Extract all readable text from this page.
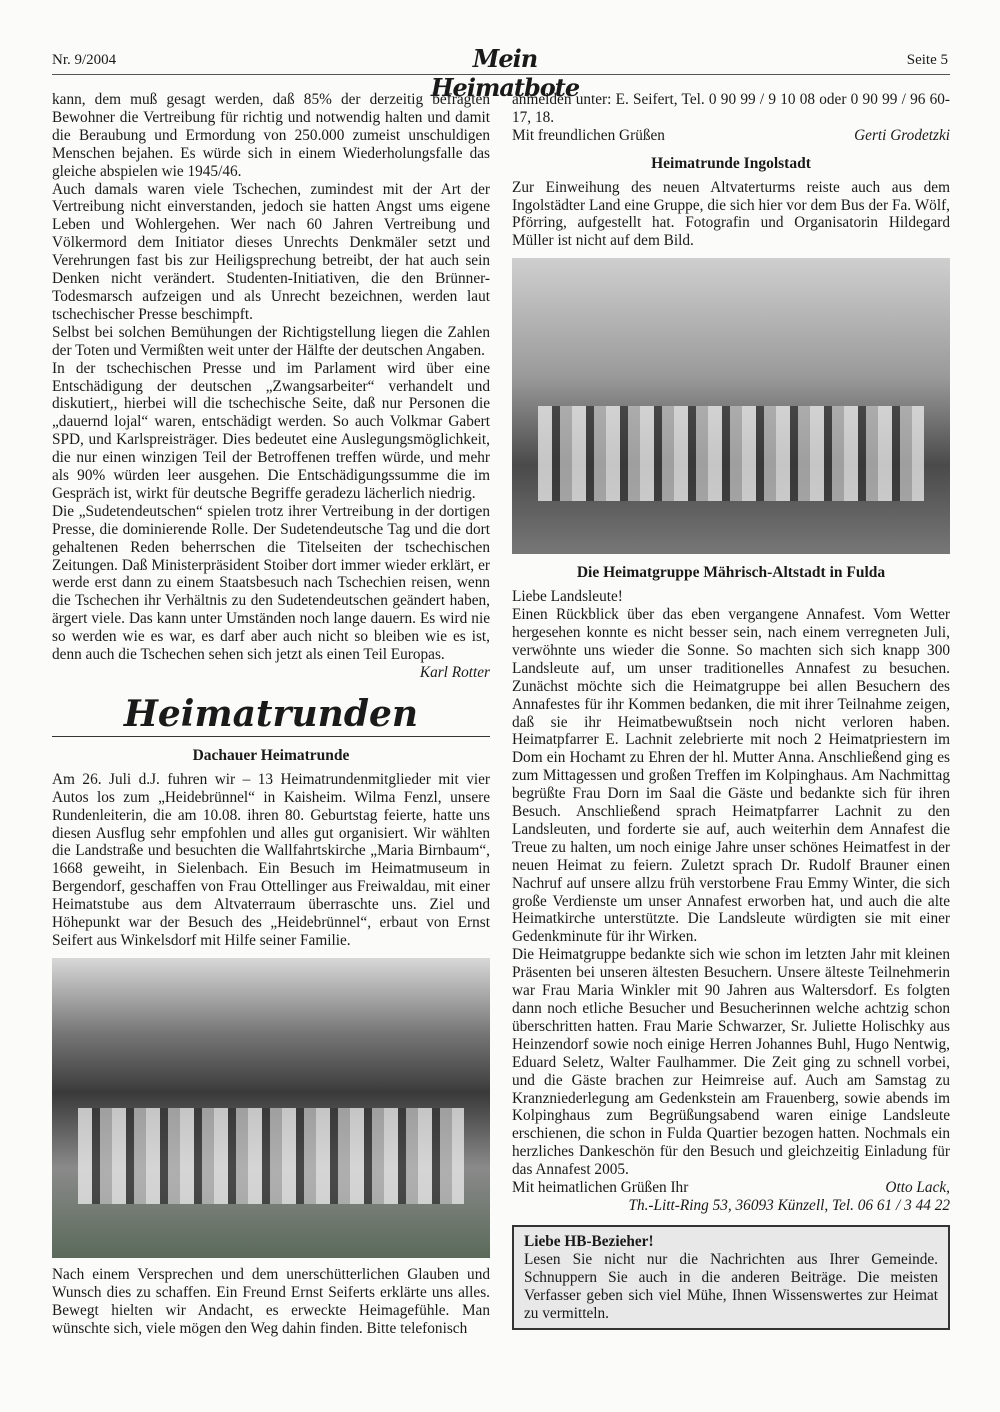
Nr. 9/2004	Mein Heimatbote
Seite 5

kann, dem muß gesagt werden, daß 85% der derzeitig befragten Bewohner die Vertreibung für richtig und notwendig halten und damit die Beraubung und Ermordung von 250.000 zumeist unschuldigen Menschen bejahen. Es würde sich in einem Wiederholungsfalle das gleiche abspielen wie 1945/46.

Auch damals waren viele Tschechen, zumindest mit der Art der Vertreibung nicht einverstanden, jedoch sie hatten Angst ums eigene Leben und Wohlergehen. Wer nach 60 Jahren Vertreibung und Völkermord dem Initiator dieses Unrechts Denkmäler setzt und Verehrungen fast bis zur Heiligsprechung betreibt, der hat auch sein Denken nicht verändert. Studenten-Initiativen, die den Brünner-Todesmarsch aufzeigen und als Unrecht bezeichnen, werden laut tschechischer Presse beschimpft.

Selbst bei solchen Bemühungen der Richtigstellung liegen die Zahlen der Toten und Vermißten weit unter der Hälfte der deutschen Angaben.

In der tschechischen Presse und im Parlament wird über eine Entschädigung der deutschen „Zwangsarbeiter“ verhandelt und diskutiert,, hierbei will die tschechische Seite, daß nur Personen die „dauernd lojal“ waren, entschädigt werden. So auch Volkmar Gabert SPD, und Karlspreisträger. Dies bedeutet eine Auslegungsmöglichkeit, die nur einen winzigen Teil der Betroffenen treffen würde, und mehr als 90% würden leer ausgehen. Die Entschädigungssumme die im Gespräch ist, wirkt für deutsche Begriffe geradezu lächerlich niedrig.

Die „Sudetendeutschen“ spielen trotz ihrer Vertreibung in der dortigen Presse, die dominierende Rolle. Der Sudetendeutsche Tag und die dort gehaltenen Reden beherrschen die Titelseiten der tschechischen Zeitungen. Daß Ministerpräsident Stoiber dort immer wieder erklärt, er werde erst dann zu einem Staatsbesuch nach Tschechien reisen, wenn die Tschechen ihr Verhältnis zu den Sudetendeutschen geändert haben, ärgert viele. Das kann unter Umständen noch lange dauern. Es wird nie so werden wie es war, es darf aber auch nicht so bleiben wie es ist, denn auch die Tschechen sehen sich jetzt als einen Teil Europas.

Karl Rotter
Heimatrunden
Dachauer Heimatrunde

Am 26. Juli d.J. fuhren wir – 13 Heimatrundenmitglieder mit vier Autos los zum „Heidebrünnel“ in Kaisheim. Wilma Fenzl, unsere Rundenleiterin, die am 10.08. ihren 80. Geburtstag feierte, hatte uns diesen Ausflug sehr empfohlen und alles gut organisiert. Wir wählten die Landstraße und besuchten die Wallfahrtskirche „Maria Birnbaum“, 1668 geweiht, in Sielenbach. Ein Besuch im Heimatmuseum in Bergendorf, geschaffen von Frau Ottellinger aus Freiwaldau, mit einer Heimatstube aus dem Altvaterraum überraschte uns. Ziel und Höhepunkt war der Besuch des „Heidebrünnel“, erbaut von Ernst Seifert aus Winkelsdorf mit Hilfe seiner Familie.

Nach einem Versprechen und dem unerschütterlichen Glauben und Wunsch dies zu schaffen. Ein Freund Ernst Seiferts erklärte uns alles. Bewegt hielten wir Andacht, es erweckte Heimagefühle. Man wünschte sich, viele mögen den Weg dahin finden. Bitte telefonisch

anmelden unter: E. Seifert, Tel. 0 90 99 / 9 10 08 oder 0 90 99 / 96 60- 17, 18.

Mit freundlichen Grüßen	Gerti Grodetzki

Heimatrunde Ingolstadt

Zur Einweihung des neuen Altvaterturms reiste auch aus dem Ingolstädter Land eine Gruppe, die sich hier vor dem Bus der Fa. Wölf, Pförring, aufgestellt hat. Fotografin und Organisatorin Hildegard Müller ist nicht auf dem Bild.

Die Heimatgruppe Mährisch-Altstadt in Fulda

Liebe Landsleute!

Einen Rückblick über das eben vergangene Annafest. Vom Wetter hergesehen konnte es nicht besser sein, nach einem verregneten Juli, verwöhnte uns wieder die Sonne. So machten sich sich knapp 300 Landsleute auf, um unser traditionelles Annafest zu besuchen. Zunächst möchte sich die Heimatgruppe bei allen Besuchern des Annafestes für ihr Kommen bedanken, die mit ihrer Teilnahme zeigen, daß sie ihr Heimatbewußtsein noch nicht verloren haben. Heimatpfarrer E. Lachnit zelebrierte mit noch 2 Heimatpriestern im Dom ein Hochamt zu Ehren der hl. Mutter Anna. Anschließend ging es zum Mittagessen und großen Treffen im Kolpinghaus. Am Nachmittag begrüßte Frau Dorn im Saal die Gäste und bedankte sich für ihren Besuch. Anschließend sprach Heimatpfarrer Lachnit zu den Landsleuten, und forderte sie auf, auch weiterhin dem Annafest die Treue zu halten, um noch einige Jahre unser schönes Heimatfest in der neuen Heimat zu feiern. Zuletzt sprach Dr. Rudolf Brauner einen Nachruf auf unsere allzu früh verstorbene Frau Emmy Winter, die sich große Verdienste um unser Annafest erworben hat, und auch die alte Heimatkirche unterstützte. Die Landsleute würdigten sie mit einer Gedenkminute für ihr Wirken.

Die Heimatgruppe bedankte sich wie schon im letzten Jahr mit kleinen Präsenten bei unseren ältesten Besuchern. Unsere älteste Teilnehmerin war Frau Maria Winkler mit 90 Jahren aus Waltersdorf. Es folgten dann noch etliche Besucher und Besucherinnen welche achtzig schon überschritten hatten. Frau Marie Schwarzer, Sr. Juliette Holischky aus Heinzendorf sowie noch einige Herren Johannes Buhl, Hugo Nentwig, Eduard Seletz, Walter Faulhammer. Die Zeit ging zu schnell vorbei, und die Gäste brachen zur Heimreise auf. Auch am Samstag zu Kranzniederlegung am Gedenkstein am Frauenberg, sowie abends im Kolpinghaus zum Begrüßungsabend waren einige Landsleute erschienen, die schon in Fulda Quartier bezogen hatten. Nochmals ein herzliches Dankeschön für den Besuch und gleichzeitig Einladung für das Annafest 2005.

Mit heimatlichen Grüßen Ihr	Otto Lack,

Th.-Litt-Ring 53, 36093 Künzell, Tel. 06 61 / 3 44 22
Liebe HB-Bezieher!

Lesen Sie nicht nur die Nachrichten aus Ihrer Gemeinde. Schnuppern Sie auch in die anderen Beiträge. Die meisten Verfasser geben sich viel Mühe, Ihnen Wissenswertes zur Heimat zu vermitteln.
